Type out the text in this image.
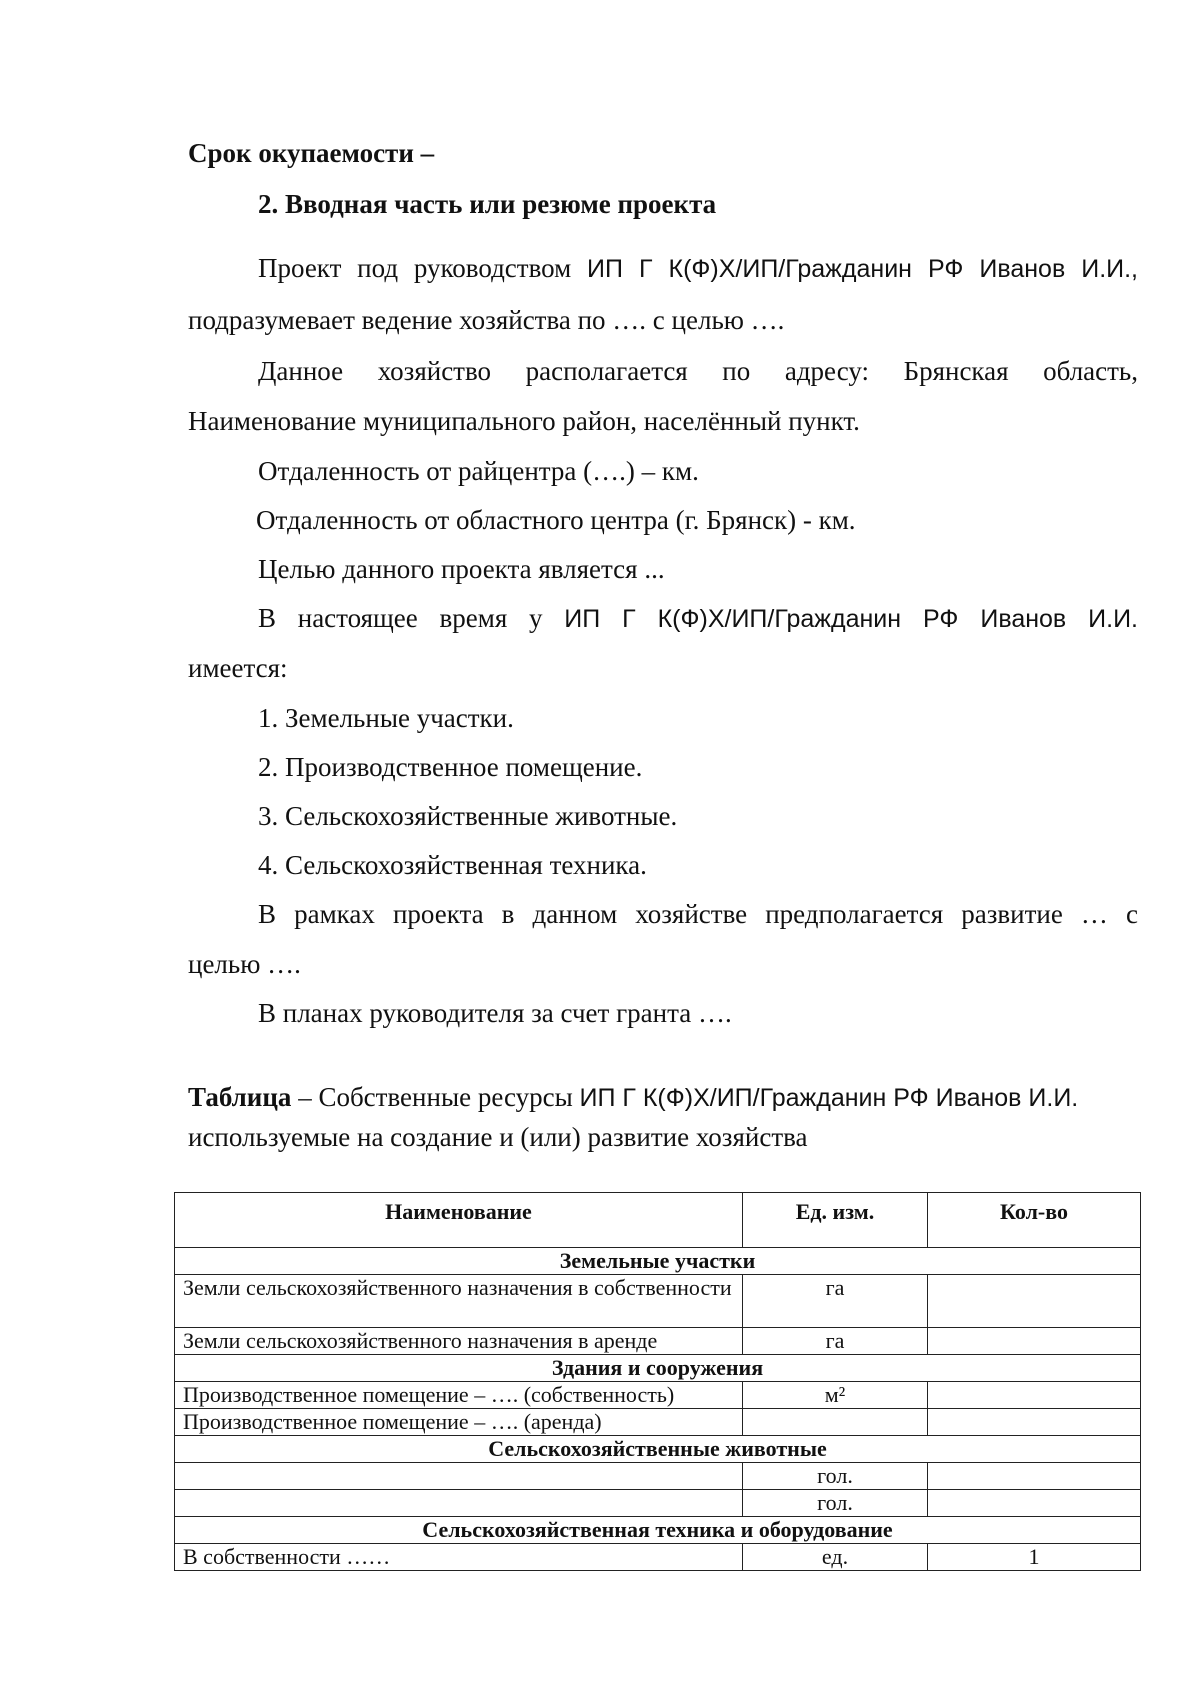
Срок окупаемости –
2. Вводная часть или резюме проекта
Проект под руководством ИП Г К(Ф)Х/ИП/Гражданин РФ Иванов И.И.,
подразумевает ведение хозяйства по …. с целью ….
Данное хозяйство располагается по адресу: Брянская область,
Наименование муниципального район, населённый пункт.
Отдаленность от райцентра (….) – км.
Отдаленность от областного центра (г. Брянск) - км.
Целью данного проекта является ...
В настоящее время у ИП Г К(Ф)Х/ИП/Гражданин РФ Иванов И.И.
имеется:
1. Земельные участки.
2. Производственное помещение.
3. Сельскохозяйственные животные.
4. Сельскохозяйственная техника.
В рамках проекта в данном хозяйстве предполагается развитие … с
целью ….
В планах руководителя за счет гранта ….
Таблица – Собственные ресурсы ИП Г К(Ф)Х/ИП/Гражданин РФ Иванов И.И.
используемые на создание и (или) развитие хозяйства
Наименование	Ед. изм.	Кол-во
Земельные участки		
Земли сельскохозяйственного назначения в собственности	га	
Земли сельскохозяйственного назначения в аренде	га	
Здания и сооружения		
Производственное помещение – …. (собственность)	м²	
Производственное помещение – …. (аренда)		
Сельскохозяйственные животные		
	гол.	
	гол.	
Сельскохозяйственная техника и оборудование		
В собственности ……	ед.	1
